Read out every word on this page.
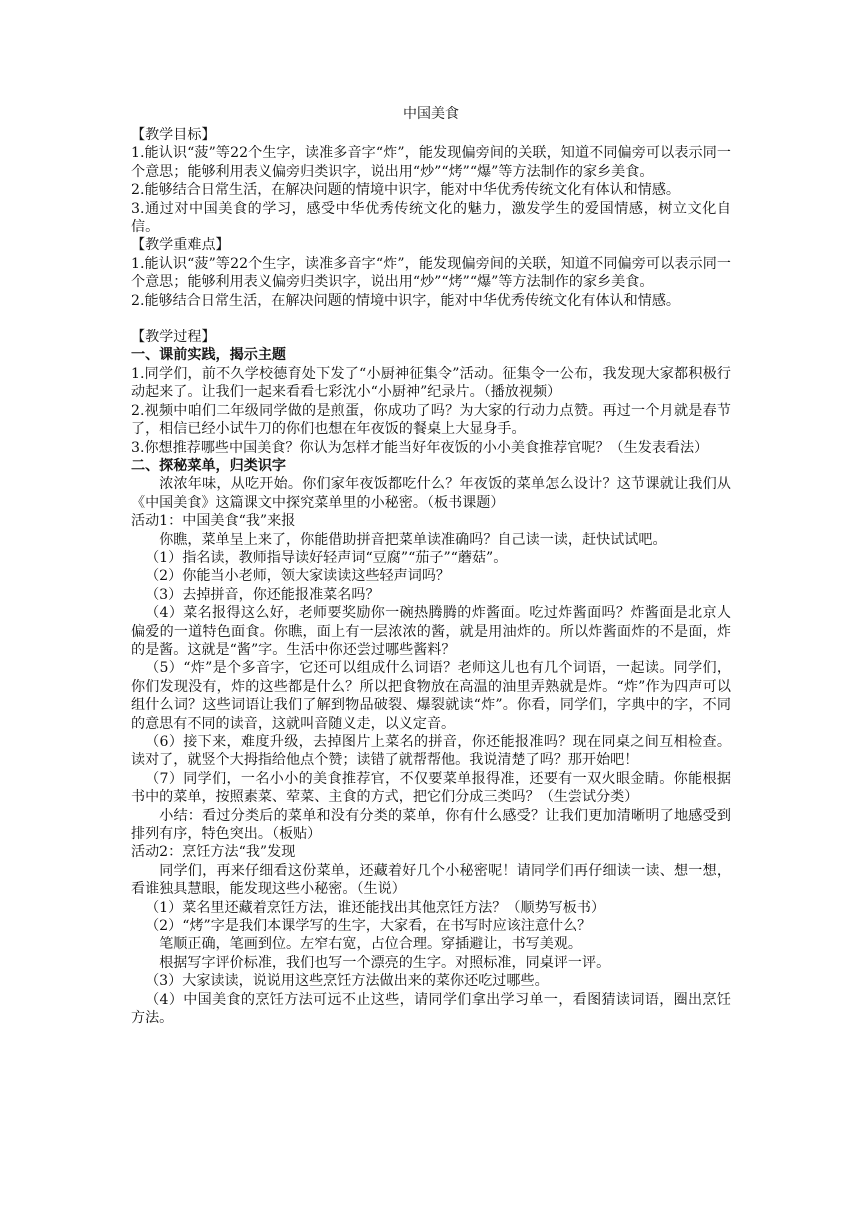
中国美食

【教学目标】

1.能认识“菠”等22个生字，读准多音字“炸”，能发现偏旁间的关联，知道不同偏旁可以表示同一个意思；能够利用表义偏旁归类识字，说出用“炒”“烤”“爆”等方法制作的家乡美食。

2.能够结合日常生活，在解决问题的情境中识字，能对中华优秀传统文化有体认和情感。

3.通过对中国美食的学习，感受中华优秀传统文化的魅力，激发学生的爱国情感，树立文化自信。

【教学重难点】

1.能认识“菠”等22个生字，读准多音字“炸”，能发现偏旁间的关联，知道不同偏旁可以表示同一个意思；能够利用表义偏旁归类识字，说出用“炒”“烤”“爆”等方法制作的家乡美食。

2.能够结合日常生活，在解决问题的情境中识字，能对中华优秀传统文化有体认和情感。

【教学过程】

一、课前实践，揭示主题

1.同学们，前不久学校德育处下发了“小厨神征集令”活动。征集令一公布，我发现大家都积极行动起来了。让我们一起来看看七彩沈小“小厨神”纪录片。（播放视频）

2.视频中咱们二年级同学做的是煎蛋，你成功了吗？为大家的行动力点赞。再过一个月就是春节了，相信已经小试牛刀的你们也想在年夜饭的餐桌上大显身手。

3.你想推荐哪些中国美食？你认为怎样才能当好年夜饭的小小美食推荐官呢？（生发表看法）

二、探秘菜单，归类识字

浓浓年味，从吃开始。你们家年夜饭都吃什么？年夜饭的菜单怎么设计？这节课就让我们从《中国美食》这篇课文中探究菜单里的小秘密。（板书课题）

活动1：中国美食“我”来报

你瞧，菜单呈上来了，你能借助拼音把菜单读准确吗？自己读一读，赶快试试吧。

（1）指名读，教师指导读好轻声词“豆腐”“茄子”“蘑菇”。

（2）你能当小老师，领大家读读这些轻声词吗？

（3）去掉拼音，你还能报准菜名吗？

（4）菜名报得这么好，老师要奖励你一碗热腾腾的炸酱面。吃过炸酱面吗？炸酱面是北京人偏爱的一道特色面食。你瞧，面上有一层浓浓的酱，就是用油炸的。所以炸酱面炸的不是面，炸的是酱。这就是“酱”字。生活中你还尝过哪些酱料？

（5）“炸”是个多音字，它还可以组成什么词语？老师这儿也有几个词语，一起读。同学们，你们发现没有，炸的这些都是什么？所以把食物放在高温的油里弄熟就是炸。“炸”作为四声可以组什么词？这些词语让我们了解到物品破裂、爆裂就读“炸”。你看，同学们，字典中的字，不同的意思有不同的读音，这就叫音随义走，以义定音。

（6）接下来，难度升级，去掉图片上菜名的拼音，你还能报准吗？现在同桌之间互相检查。读对了，就竖个大拇指给他点个赞；读错了就帮帮他。我说清楚了吗？那开始吧！

（7）同学们，一名小小的美食推荐官，不仅要菜单报得准，还要有一双火眼金睛。你能根据书中的菜单，按照素菜、荤菜、主食的方式，把它们分成三类吗？（生尝试分类）

小结：看过分类后的菜单和没有分类的菜单，你有什么感受？让我们更加清晰明了地感受到排列有序，特色突出。（板贴）

活动2：烹饪方法“我”发现

同学们，再来仔细看这份菜单，还藏着好几个小秘密呢！请同学们再仔细读一读、想一想，看谁独具慧眼，能发现这些小秘密。（生说）

（1）菜名里还藏着烹饪方法，谁还能找出其他烹饪方法？（顺势写板书）

（2）“烤”字是我们本课学写的生字，大家看，在书写时应该注意什么？

笔顺正确，笔画到位。左窄右宽，占位合理。穿插避让，书写美观。

根据写字评价标准，我们也写一个漂亮的生字。对照标准，同桌评一评。

（3）大家读读，说说用这些烹饪方法做出来的菜你还吃过哪些。

（4）中国美食的烹饪方法可远不止这些，请同学们拿出学习单一，看图猜读词语，圈出烹饪方法。
